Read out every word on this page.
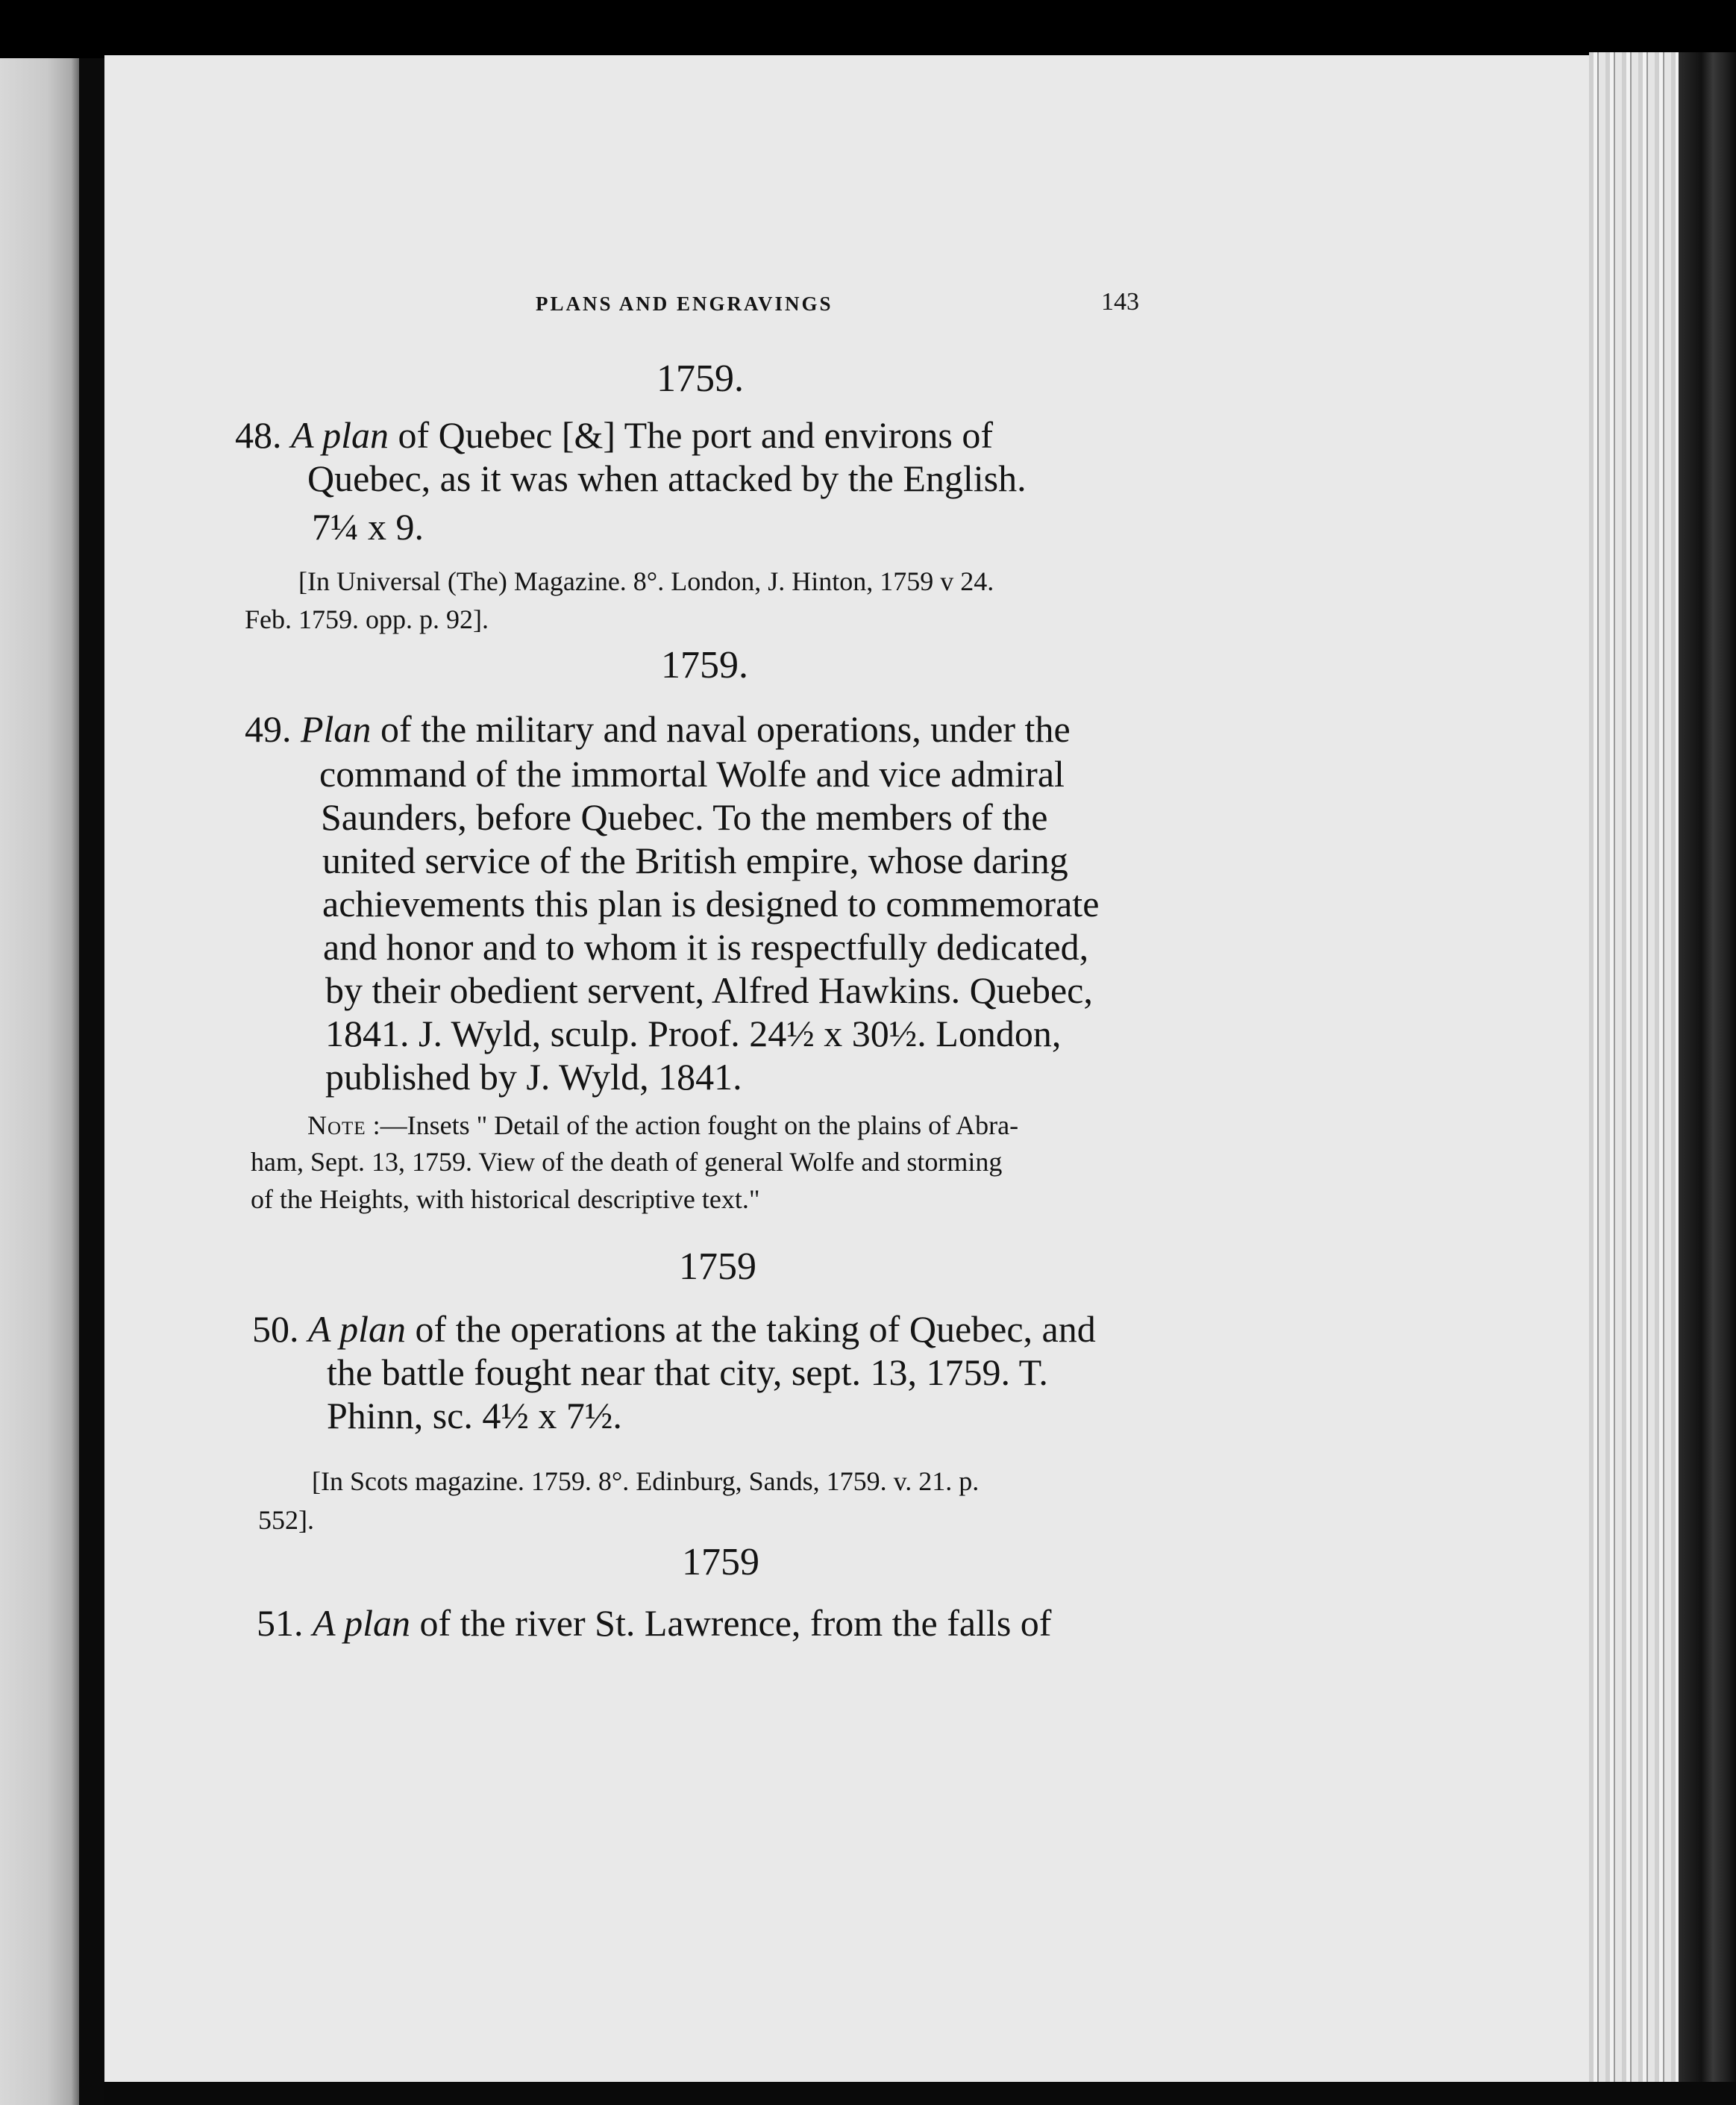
PLANS AND ENGRAVINGS	143
1759.
48. A plan of Quebec [&] The port and environs of
Quebec, as it was when attacked by the English.
7¼ x 9.
[In Universal (The) Magazine. 8°. London, J. Hinton, 1759 v 24.
Feb. 1759. opp. p. 92].
1759.
49. Plan of the military and naval operations, under the
command of the immortal Wolfe and vice admiral
Saunders, before Quebec. To the members of the
united service of the British empire, whose daring
achievements this plan is designed to commemorate
and honor and to whom it is respectfully dedicated,
by their obedient servent, Alfred Hawkins. Quebec,
1841. J. Wyld, sculp. Proof. 24½ x 30½. London,
published by J. Wyld, 1841.
Note :—Insets " Detail of the action fought on the plains of Abra-
ham, Sept. 13, 1759. View of the death of general Wolfe and storming
of the Heights, with historical descriptive text."
1759
50. A plan of the operations at the taking of Quebec, and
the battle fought near that city, sept. 13, 1759. T.
Phinn, sc. 4½ x 7½.
[In Scots magazine. 1759. 8°. Edinburg, Sands, 1759. v. 21. p.
552].
1759
51. A plan of the river St. Lawrence, from the falls of
